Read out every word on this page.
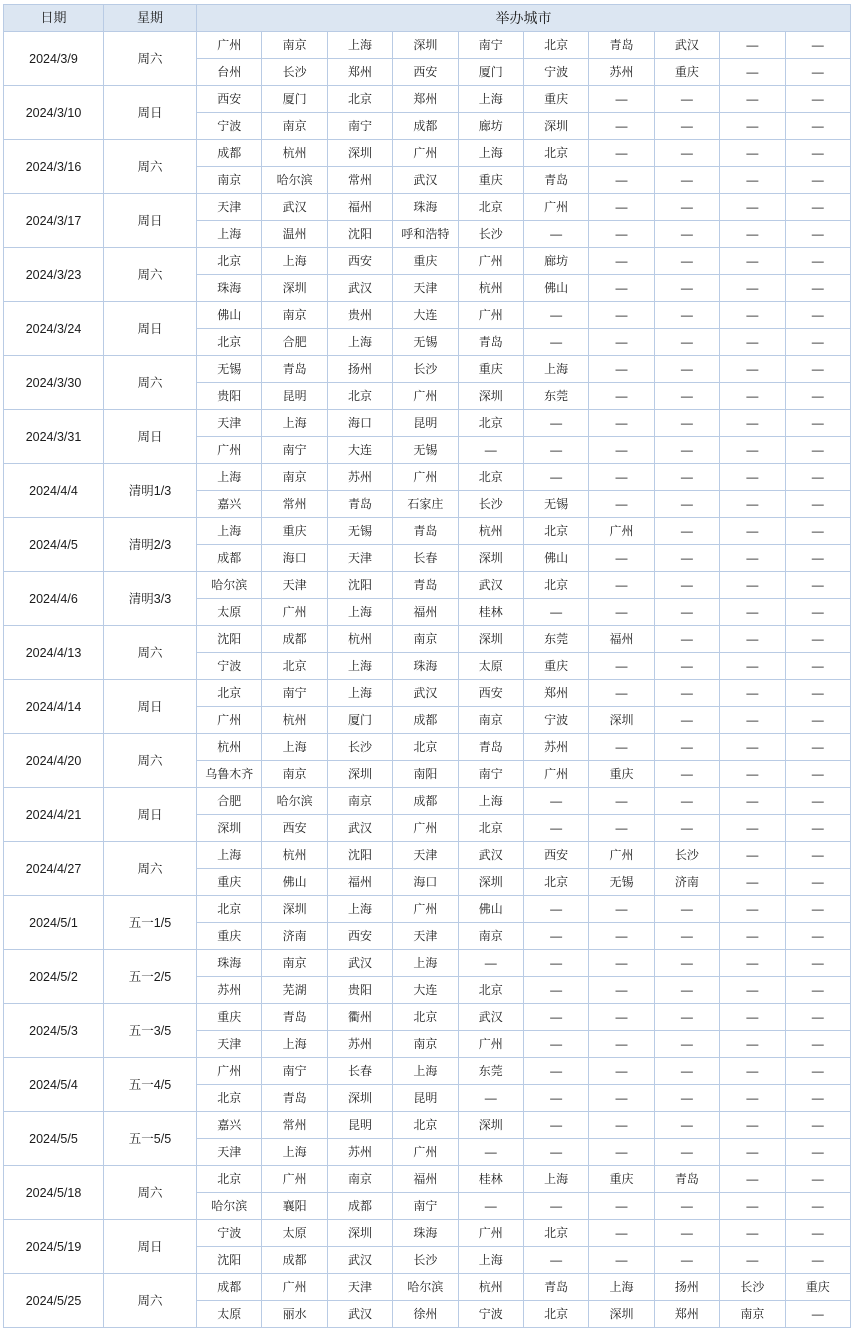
日期	星期	举办城市									
2024/3/9	周六	广州	南京	上海	深圳	南宁	北京	青岛	武汉	—	—
		台州	长沙	郑州	西安	厦门	宁波	苏州	重庆	—	—
2024/3/10	周日	西安	厦门	北京	郑州	上海	重庆	—	—	—	—
		宁波	南京	南宁	成都	廊坊	深圳	—	—	—	—
2024/3/16	周六	成都	杭州	深圳	广州	上海	北京	—	—	—	—
		南京	哈尔滨	常州	武汉	重庆	青岛	—	—	—	—
2024/3/17	周日	天津	武汉	福州	珠海	北京	广州	—	—	—	—
		上海	温州	沈阳	呼和浩特	长沙	—	—	—	—	—
2024/3/23	周六	北京	上海	西安	重庆	广州	廊坊	—	—	—	—
		珠海	深圳	武汉	天津	杭州	佛山	—	—	—	—
2024/3/24	周日	佛山	南京	贵州	大连	广州	—	—	—	—	—
		北京	合肥	上海	无锡	青岛	—	—	—	—	—
2024/3/30	周六	无锡	青岛	扬州	长沙	重庆	上海	—	—	—	—
		贵阳	昆明	北京	广州	深圳	东莞	—	—	—	—
2024/3/31	周日	天津	上海	海口	昆明	北京	—	—	—	—	—
		广州	南宁	大连	无锡	—	—	—	—	—	—
2024/4/4	清明1/3	上海	南京	苏州	广州	北京	—	—	—	—	—
		嘉兴	常州	青岛	石家庄	长沙	无锡	—	—	—	—
2024/4/5	清明2/3	上海	重庆	无锡	青岛	杭州	北京	广州	—	—	—
		成都	海口	天津	长春	深圳	佛山	—	—	—	—
2024/4/6	清明3/3	哈尔滨	天津	沈阳	青岛	武汉	北京	—	—	—	—
		太原	广州	上海	福州	桂林	—	—	—	—	—
2024/4/13	周六	沈阳	成都	杭州	南京	深圳	东莞	福州	—	—	—
		宁波	北京	上海	珠海	太原	重庆	—	—	—	—
2024/4/14	周日	北京	南宁	上海	武汉	西安	郑州	—	—	—	—
		广州	杭州	厦门	成都	南京	宁波	深圳	—	—	—
2024/4/20	周六	杭州	上海	长沙	北京	青岛	苏州	—	—	—	—
		乌鲁木齐	南京	深圳	南阳	南宁	广州	重庆	—	—	—
2024/4/21	周日	合肥	哈尔滨	南京	成都	上海	—	—	—	—	—
		深圳	西安	武汉	广州	北京	—	—	—	—	—
2024/4/27	周六	上海	杭州	沈阳	天津	武汉	西安	广州	长沙	—	—
		重庆	佛山	福州	海口	深圳	北京	无锡	济南	—	—
2024/5/1	五一1/5	北京	深圳	上海	广州	佛山	—	—	—	—	—
		重庆	济南	西安	天津	南京	—	—	—	—	—
2024/5/2	五一2/5	珠海	南京	武汉	上海	—	—	—	—	—	—
		苏州	芜湖	贵阳	大连	北京	—	—	—	—	—
2024/5/3	五一3/5	重庆	青岛	衢州	北京	武汉	—	—	—	—	—
		天津	上海	苏州	南京	广州	—	—	—	—	—
2024/5/4	五一4/5	广州	南宁	长春	上海	东莞	—	—	—	—	—
		北京	青岛	深圳	昆明	—	—	—	—	—	—
2024/5/5	五一5/5	嘉兴	常州	昆明	北京	深圳	—	—	—	—	—
		天津	上海	苏州	广州	—	—	—	—	—	—
2024/5/18	周六	北京	广州	南京	福州	桂林	上海	重庆	青岛	—	—
		哈尔滨	襄阳	成都	南宁	—	—	—	—	—	—
2024/5/19	周日	宁波	太原	深圳	珠海	广州	北京	—	—	—	—
		沈阳	成都	武汉	长沙	上海	—	—	—	—	—
2024/5/25	周六	成都	广州	天津	哈尔滨	杭州	青岛	上海	扬州	长沙	重庆
		太原	丽水	武汉	徐州	宁波	北京	深圳	郑州	南京	—
